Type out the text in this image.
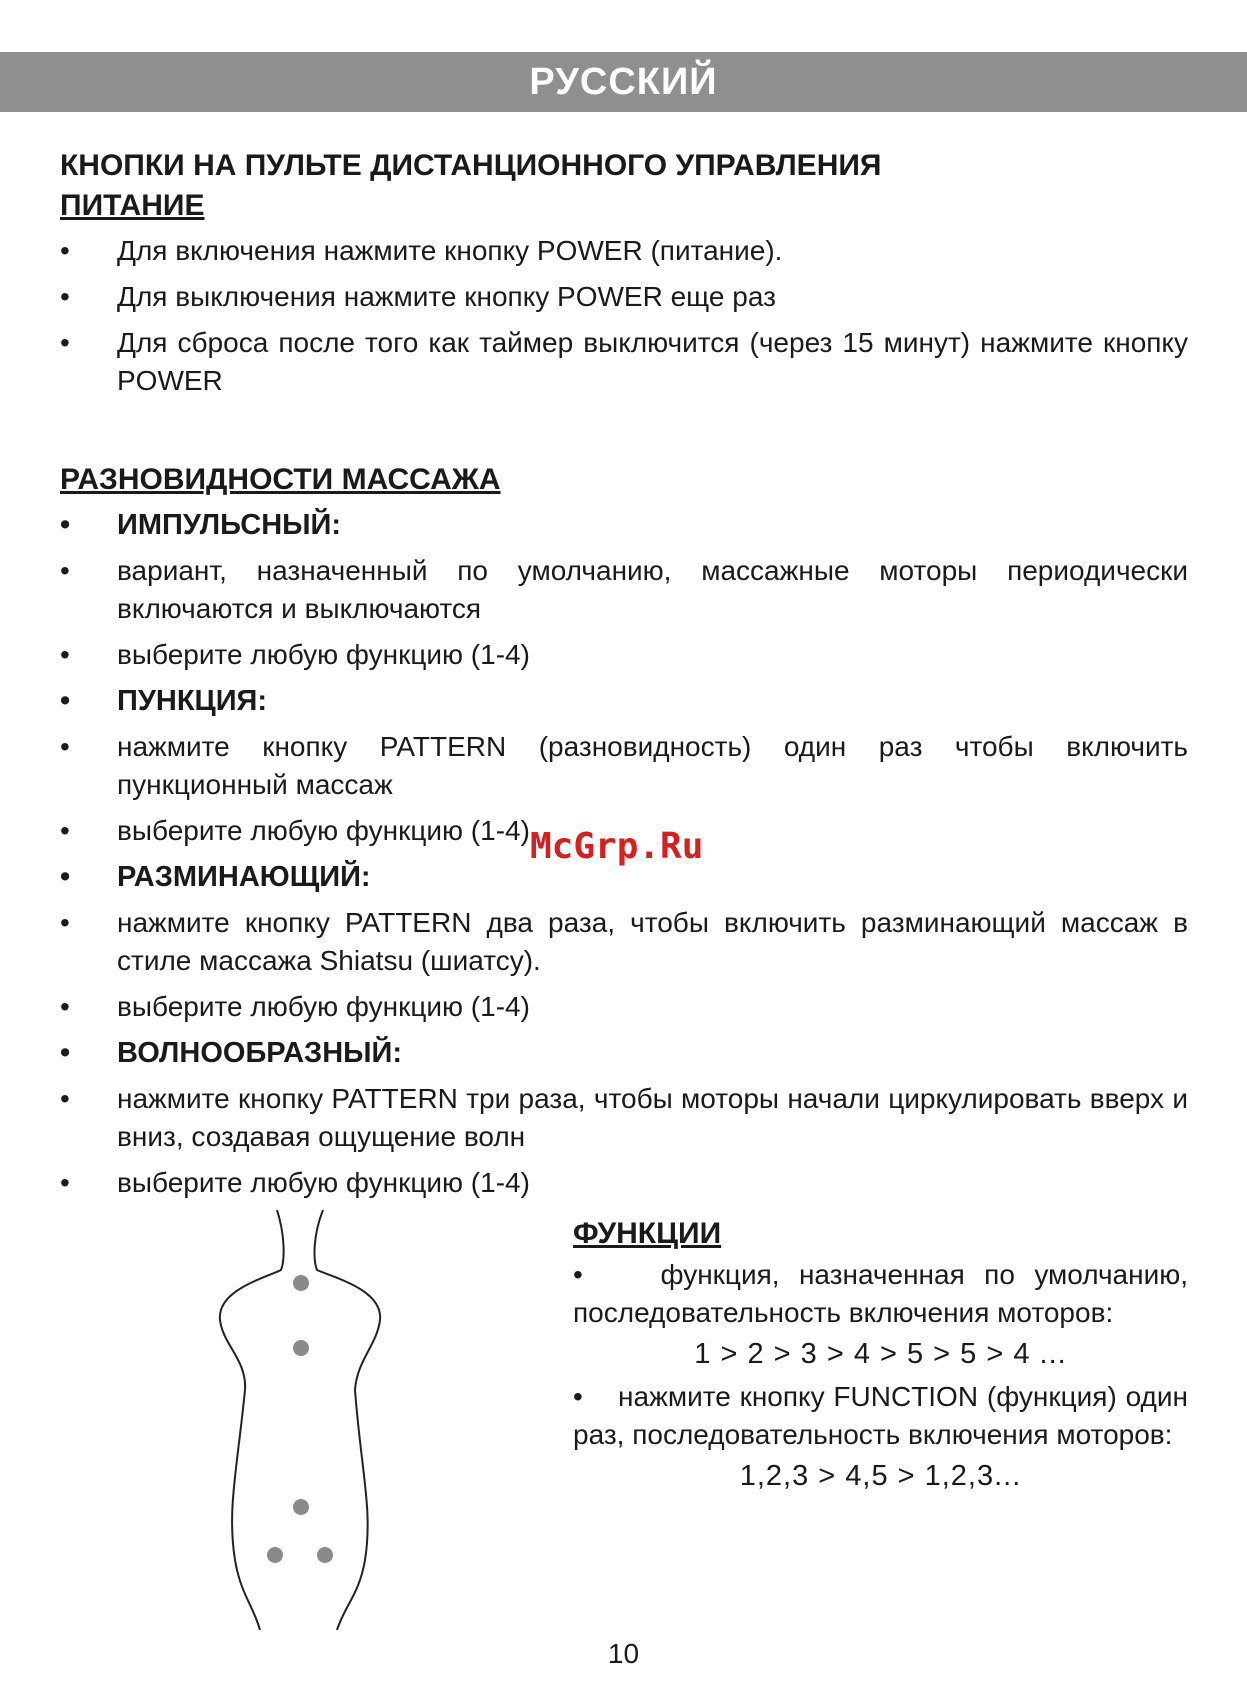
РУССКИЙ

КНОПКИ НА ПУЛЬТЕ ДИСТАНЦИОННОГО УПРАВЛЕНИЯ

ПИТАНИЕ

•	Для включения нажмите кнопку POWER (питание).
•	Для выключения нажмите кнопку POWER еще раз
•	Для сброса после того как таймер выключится (через 15 минут) нажмите кнопку POWER

РАЗНОВИДНОСТИ МАССАЖА

•	ИМПУЛЬСНЫЙ:
•	вариант, назначенный по умолчанию, массажные моторы периодически включаются и выключаются
•	выберите любую функцию (1-4)
•	ПУНКЦИЯ:
•	нажмите кнопку PATTERN (разновидность) один раз чтобы включить пункционный массаж
•	выберите любую функцию (1-4)
•	РАЗМИНАЮЩИЙ:
•	нажмите кнопку PATTERN два раза, чтобы включить разминающий массаж в стиле массажа Shiatsu (шиатсу).
•	выберите любую функцию (1-4)
•	ВОЛНООБРАЗНЫЙ:
•	нажмите кнопку PATTERN три раза, чтобы моторы начали циркулировать вверх и вниз, создавая ощущение волн
•	выберите любую функцию (1-4)
McGrp.Ru

ФУНКЦИИ

•	функция, назначенная по умолчанию, последовательность включения моторов:

1 > 2 > 3 > 4 > 5 > 5 > 4 ...

• нажмите кнопку FUNCTION (функция) один раз, последовательность включения моторов:

1,2,3 > 4,5 > 1,2,3...
10
